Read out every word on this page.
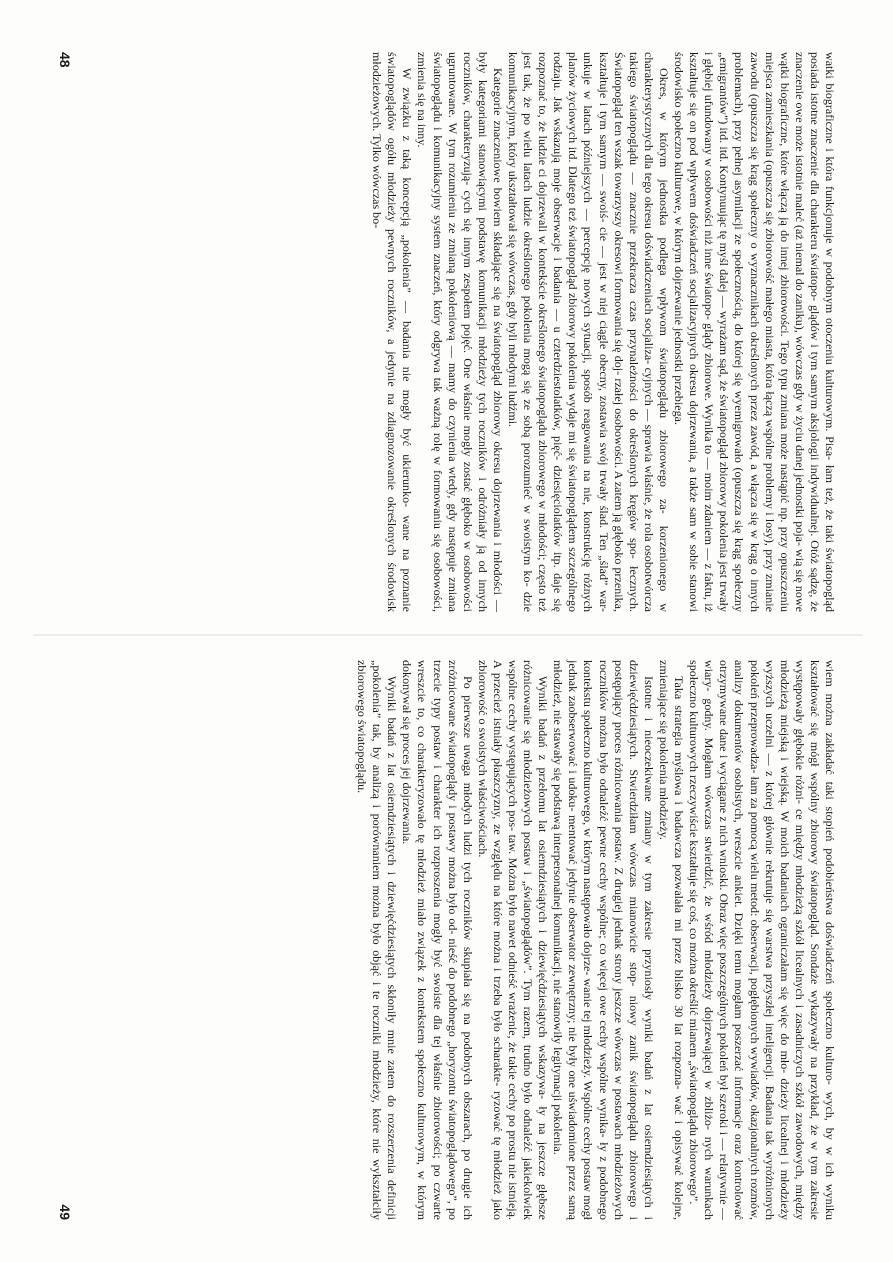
watki biograficzne i która funkcjonuje w podobnym otoczeniu kulturowym. Pisa- łam też, że taki światopogląd posiada istotne znaczenie dla charakteru światopo- glądów i tym samym aksjologii indywidualnej. Otóż sądzę, że znaczenie owe może istotnie maleć (aż niemal do zaniku), wówczas gdy w życiu danej jednostki poja- wią się nowe wątki biograficzne, które włączą ją do innej zbiorowości. Tego typu zmiana może nastąpić np. przy opuszczeniu miejsca zamieszkania (opuszcza się zbiorowość małego miasta, która łączą wspólne problemy i losy), przy zmianie zawodu (opuszcza się krąg społeczny o wyznacznikach określonych przez zawód, a włącza się w krąg o innych problemach), przy pełnej asymilacji ze społecznością, do której się wyemigrowało (opuszcza się krąg społeczny „emigrantów”) itd. itd. Kontynuując tę myśl dalej — wyrażam sąd, że światopogląd zbiorowy pokolenia jest trwały i głębiej ufundowany w osobowości niż inne światopo- glądy zbiorowe. Wynika to — moim zdaniem — z faktu, iż kształtuje się on pod wpływem doświadczeń socjalizacyjnych okresu dojrzewania, a także sam w sobie stanowi środowisko społeczno kulturowe, w którym dojrzewanie jednostki przebiega.

Okres, w którym jednostka podlega wpływom światopoglądu zbiorowego za- korzenionego w charakterystycznych dla tego okresu doświadczeniach socjaliza- cyjnych — sprawia właśnie, że rola osobotwórcza takiego światopoglądu — znacznie przekracza czas przynależności do określonych kręgów spo- łecznych. Światopogląd ten wszak towarzyszy okresowi formowania się doj- rzałej osobowości. A zatem ją głęboko przenika, kształtuje i tym samym — swoiś- cie — jest w niej ciągle obecny, zostawia swój trwały ślad. Ten „ślad” war- unkuje w latach późniejszych — percepcję nowych sytuacji, sposób reagowania na nie, konstrukcję różnych planów życiowych itd. Dlatego też światopogląd zbiorowy pokolenia wydaje mi się światopoglądem szczególnego rodzaju. Jak wskazują moje obserwacje i badania — u czterdziestolatków, pięć- dziesięciolatków itp. daje się rozpoznać to, że ludzie ci dojrzewali w kontekście określonego światopoglądu zbiorowego w młodości; często też jest tak, że po wielu latach ludzie określonego pokolenia mogą się ze sobą porozumieć w swoistym ko- dzie komunikacyjnym, który ukształtował się wówczas, gdy byli młodymi ludźmi.

Kategorie znaczeniowe bowiem składające się na światopogląd zbiorowy okresu dojrzewania i młodości — były kategoriami stanowiącymi podstawę komunikacji młodzieży tych roczników i odróżniały ją od innych roczników, charakteryzują- cych się innym zespołem pojęć. One właśnie mogły zostać głęboko w osobowości ugruntowane. W tym rozumieniu ze zmianą pokoleniową — mamy do czynienia wtedy, gdy następuje zmiana światopoglądu i komunikacyjny system znaczeń, który odgrywa tak ważną rolę w formowaniu się osobowości, zmienia się na inny.

W związku z taką koncepcją „pokolenia” — badania nie mogły być ukierunko- wane na poznanie światopoglądów ogółu młodzieży pewnych roczników, a jedynie na zdiagnozowanie określonych środowisk młodzieżowych. Tylko wówczas bo-

48

wiem można zakładać taki stopień podobieństwa doświadczeń społeczno kulturo- wych, by w ich wyniku kształtować się mógł wspólny zbiorowy światopogląd. Sondaże wykazywały na przykład, że w tym zakresie występowały głębokie różni- ce między młodzieżą szkół licealnych i zasadniczych szkół zawodowych, między młodzieżą miejską i wiejską. W moich badaniach ograniczałam się więc do mło- dzieży licealnej i młodzieży wyższych uczelni — z której głównie rekrutuje się warstwa przyszłej inteligencji. Badania tak wyróżnionych pokoleń przeprowadza- łam za pomocą wielu metod: obserwacji, pogłębionych wywiadów, okazjonalnych rozmów, analizy dokumentów osobistych, wreszcie ankiet. Dzięki temu mogłam poszerzać informacje oraz kontrolować otrzymywane dane i wyciągane z nich wnioski. Obraz więc poszczególnych pokoleń był szeroki i — relatywnie — wiary- godny. Mogłam wówczas stwierdzić, że wśród młodzieży dojrzewającej w zbliżo- nych warunkach społeczno kulturowych rzeczywiście kształtuje się coś, co można określić mianem „światopoglądu zbiorowego”.

Taka strategia myślowa i badawcza pozwalała mi przez blisko 30 lat rozpozna- wać i opisywać kolejne, zmieniające się pokolenia młodzieży.

Istotne i nieoczekiwane zmiany w tym zakresie przyniosły wyniki badań z lat osiemdziesiątych i dziewięćdziesiątych. Stwierdziłam wówczas mianowicie stop- niowy zanik światopoglądu zbiorowego i postępujący proces różnicowania postaw. Z drugiej jednak strony jeszcze wówczas w postawach młodzieżowych roczników można było odnaleźć pewne cechy wspólne; co więcej owe cechy wspólne wynika- ły z podobnego kontekstu społeczno kulturowego, w którym następowało dojrze- wanie tej młodzieży. Wspólne cechy postaw mogł jednak zaobserwować i udoku- mentować jedynie obserwator zewnętrzny; nie były one uświadomione przez samą młodzież, nie stawały się podstawą interpersonalnej komunikacji, nie stanowiły legitymacji pokolenia.

Wyniki badań z przełomu lat osiemdziesiątych i dziewięćdziesiątych wskazywa- ły na jeszcze głębsze różnicowanie się młodzieżowych postaw i „światopoglądów”. Tym razem, trudno było odnaleźć jakiekolwiek wspólne cechy występujących pos- taw. Można było nawet odnieść wrażenie, że takie cechy po prostu nie istnieją. A przecież istniały płaszczyzny, ze względu na które można i trzeba było scharakte- ryzować tę młodzież jako zbiorowość o swoistych właściwościach.

Po pierwsze uwaga młodych ludzi tych roczników skupiała się na podobnych obszarach, po drugie ich zróżnicowane światopoglądy i postawy można było od- nieść do podobnego „horyzontu światopoglądowego”, po trzecie typy postaw i charakter ich rozproszenia mogły być swoiste dla tej właśnie zbiorowości; po czwarte wreszcie to, co charakteryzowało tę młodzież miało związek z kontekstem społeczno kulturowym, w którym dokonywał się proces jej dojrzewania.

Wyniki badań z lat osiemdziesiątych i dziewięćdziesiątych skłoniły mnie zatem do rozszerzenia definicji „pokolenia” tak, by analizą i porównaniem można było objąć i te roczniki młodzieży, które nie wykształciły zbiorowego światopoglądu.

49
